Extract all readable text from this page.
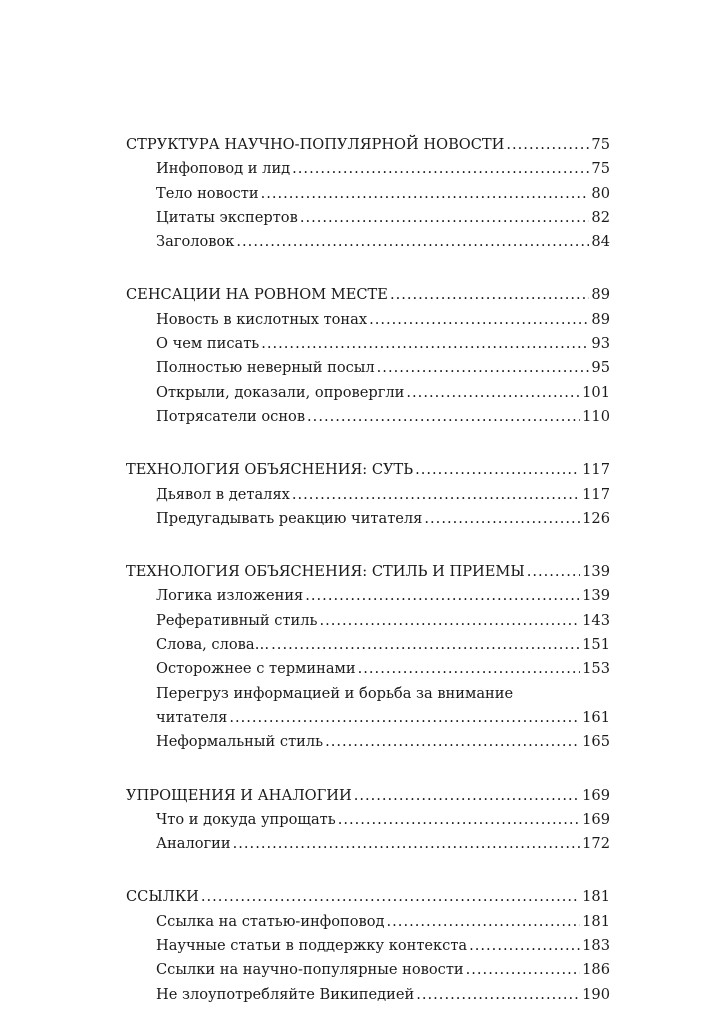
СТРУКТУРА НАУЧНО-ПОПУЛЯРНОЙ НОВОСТИ .....	75
Инфоповод и лид .....	75
Тело новости .....	80
Цитаты экспертов .....	82
Заголовок .....	84
СЕНСАЦИИ НА РОВНОМ МЕСТЕ .....	89
Новость в кислотных тонах .....	89
О чем писать .....	93
Полностью неверный посыл .....	95
Открыли, доказали, опровергли .....	101
Потрясатели основ .....	110
ТЕХНОЛОГИЯ ОБЪЯСНЕНИЯ: СУТЬ .....	117
Дьявол в деталях .....	117
Предугадывать реакцию читателя .....	126
ТЕХНОЛОГИЯ ОБЪЯСНЕНИЯ: СТИЛЬ И ПРИЕМЫ .....	139
Логика изложения .....	139
Реферативный стиль .....	143
Слова, слова… .....	151
Осторожнее с терминами .....	153
Перегруз информацией и борьба за внимание
читателя .....	161
Неформальный стиль .....	165
УПРОЩЕНИЯ И АНАЛОГИИ .....	169
Что и докуда упрощать .....	169
Аналогии .....	172
ССЫЛКИ .....	181
Ссылка на статью-инфоповод .....	181
Научные статьи в поддержку контекста .....	183
Ссылки на научно-популярные новости .....	186
Не злоупотребляйте Википедией .....	190
